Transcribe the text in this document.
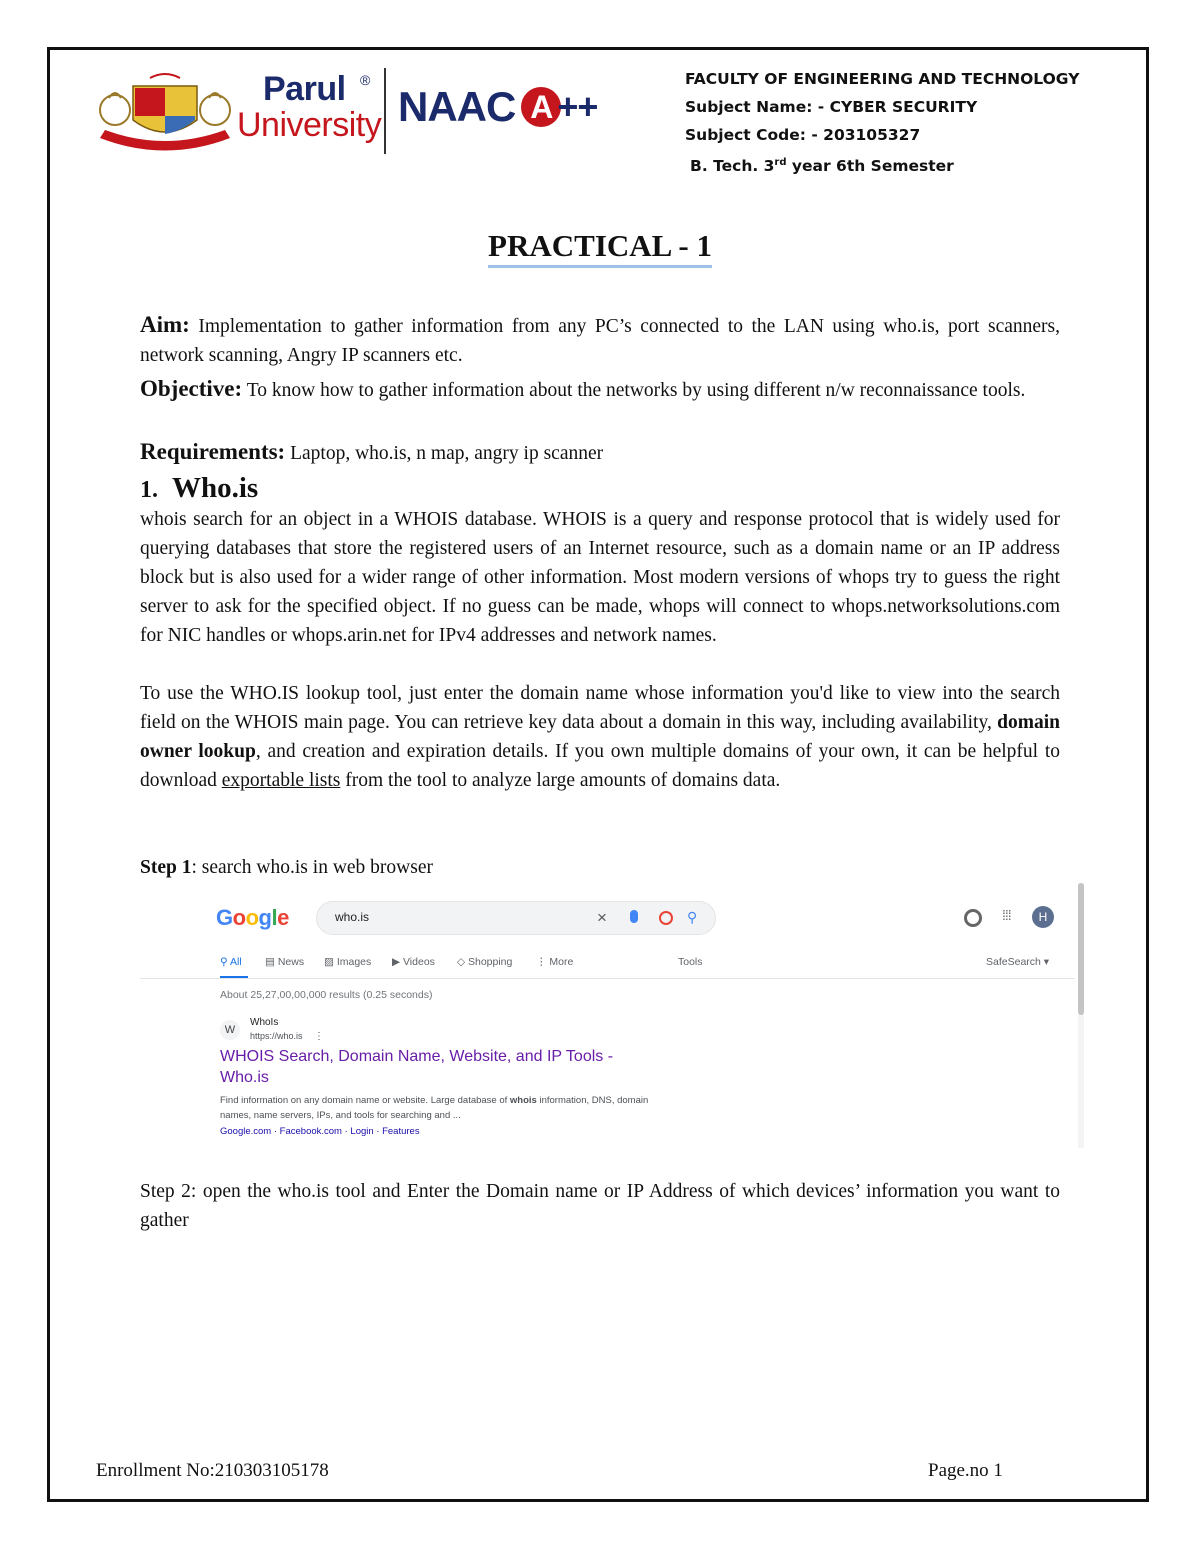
Parul ®
University NAAC A ++
FACULTY OF ENGINEERING AND TECHNOLOGY
Subject Name: - CYBER SECURITY
Subject Code: - 203105327
B. Tech. 3rd year 6th Semester
PRACTICAL - 1
Aim: Implementation to gather information from any PC’s connected to the LAN using who.is, port scanners, network scanning, Angry IP scanners etc.
Objective: To know how to gather information about the networks by using different n/w reconnaissance tools.
Requirements: Laptop, who.is, n map, angry ip scanner
1. Who.is
whois search for an object in a WHOIS database. WHOIS is a query and response protocol that is widely used for querying databases that store the registered users of an Internet resource, such as a domain name or an IP address block but is also used for a wider range of other information. Most modern versions of whops try to guess the right server to ask for the specified object. If no guess can be made, whops will connect to whops.networksolutions.com for NIC handles or whops.arin.net for IPv4 addresses and network names.
To use the WHO.IS lookup tool, just enter the domain name whose information you'd like to view into the search field on the WHOIS main page. You can retrieve key data about a domain in this way, including availability, domain owner lookup, and creation and expiration details. If you own multiple domains of your own, it can be helpful to download exportable lists from the tool to analyze large amounts of domains data.
Step 1: search who.is in web browser
Google	who.is	×	⚲	⁞⁞⁞	H
⚲ All ▤ News ▨ Images ▶ Videos ◇ Shopping ⋮ More	Tools	SafeSearch ▾
About 25,27,00,00,000 results (0.25 seconds)
W
WhoIs
https://who.is ⋮
WHOIS Search, Domain Name, Website, and IP Tools - Who.is
Find information on any domain name or website. Large database of whois information, DNS, domain names, name servers, IPs, and tools for searching and ...
Google.com · Facebook.com · Login · Features
Step 2: open the who.is tool and Enter the Domain name or IP Address of which devices’ information you want to gather
Enrollment No:210303105178	Page.no 1
